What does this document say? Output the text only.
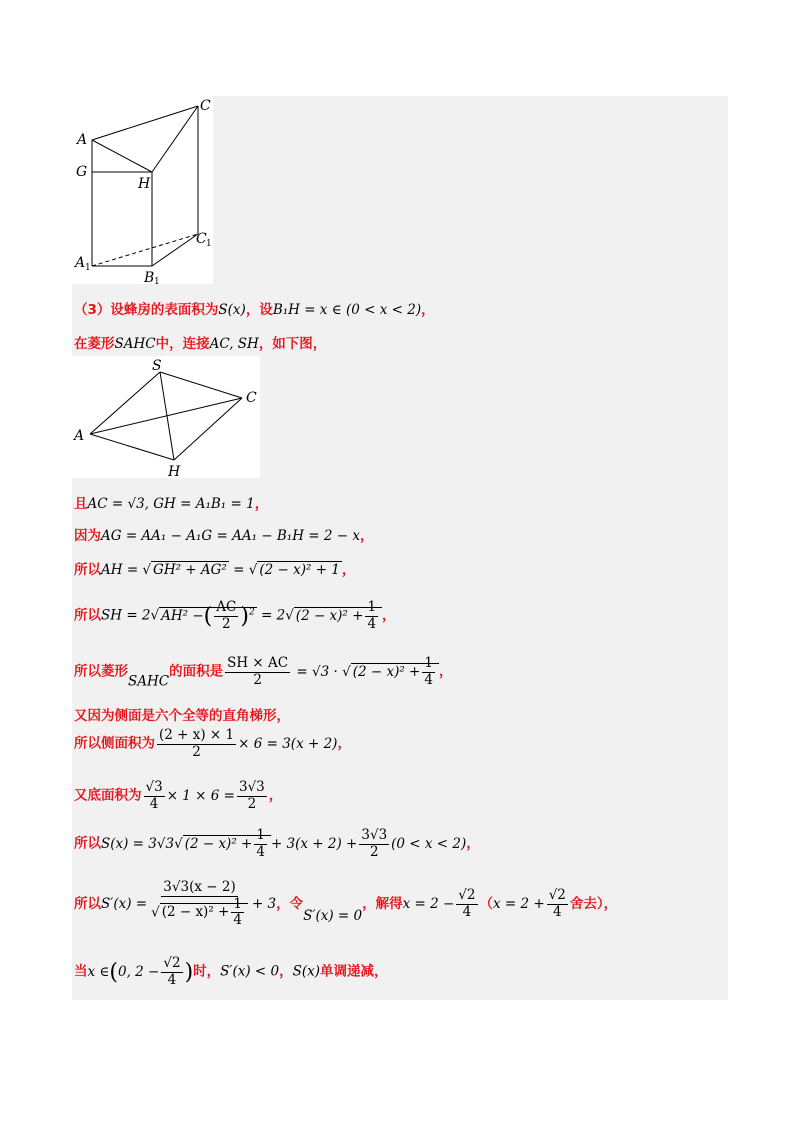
A
C
G
H
C 1
A 1
B 1
（3）设蜂房的表面积为S(x)，设B₁H = x ∈ (0 < x < 2)，
在菱形SAHC中，连接AC, SH，如下图，
S
C
A
H
且AC = √3, GH = A₁B₁ = 1，
因为AG = AA₁ − A₁G = AA₁ − B₁H = 2 − x，
所以AH = √ GH² + AG² = √ (2 − x)² + 1 ，
所以SH = 2√ AH² −( $\frac{AC}{2} )^2 = 2√$ $(2 - x)^2 + \frac{1}{4}$ ，
所以菱形SAHC的面积是 $\frac{SH \times AC}{2} = √3$ · √ $(2 - x)^2 + \frac{1}{4}$ ，
又因为侧面是六个全等的直角梯形，
所以侧面积为 $\frac{(2 + x) \times 1}{2} \times 6 = 3(x + 2)$，
又底面积为 $\frac{√3}{4} \times 1 \times 6 = \frac{3√3}{2}$ ，
所以S(x) = 3√3√ $(2 - x)^2 + \frac{1}{4} + 3(x + 2) + \frac{3√3}{2} (0 < x < 2)$，
所以$S'(x) = \frac{3√3(x - 2)}{√ (2 - x)^2 + \frac{1}{4}} + 3$，令S′(x) = 0，解得$x = 2 - \frac{√2}{4} (x = 2 + \frac{√2}{4}$ 舍去），
当x ∈(0, $2 - \frac{√2}{4}$ )时，S′(x) < 0，S(x)单调递减，
